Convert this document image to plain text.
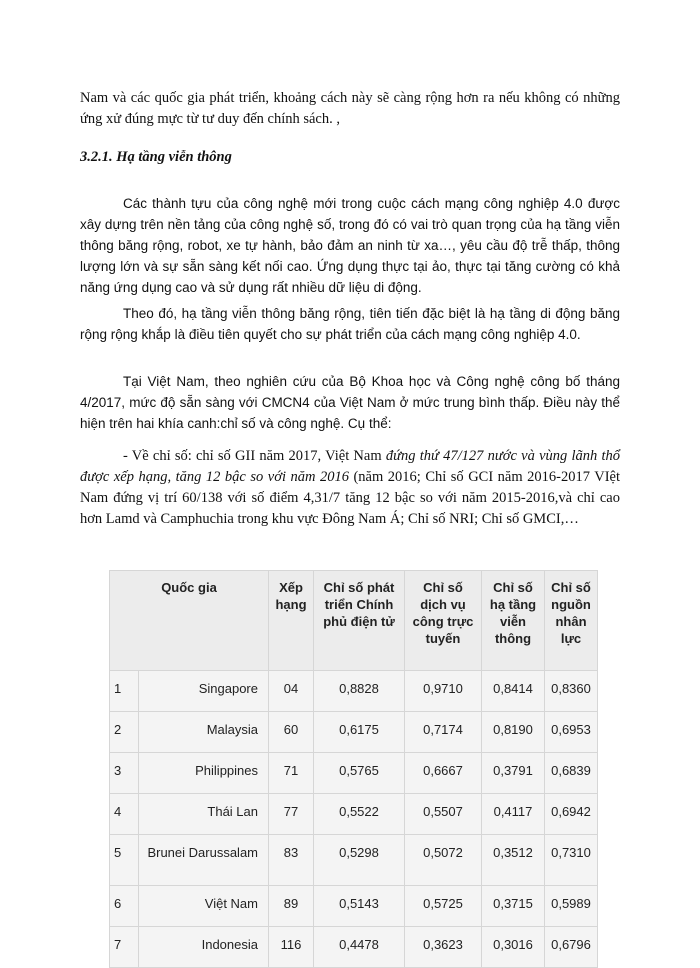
Nam và các quốc gia phát triển, khoảng cách này sẽ càng rộng hơn ra nếu không có những ứng xử đúng mực từ tư duy đến chính sách. ,

3.2.1. Hạ tầng viễn thông

Các thành tựu của công nghệ mới trong cuộc cách mạng công nghiệp 4.0 được xây dựng trên nền tảng của công nghệ số, trong đó có vai trò quan trọng của hạ tầng viễn thông băng rộng, robot, xe tự hành, bảo đảm an ninh từ xa…, yêu cầu độ trễ thấp, thông lượng lớn và sự sẵn sàng kết nối cao. Ứng dụng thực tại ảo, thực tại tăng cường có khả năng ứng dụng cao và sử dụng rất nhiều dữ liệu di động.

Theo đó, hạ tầng viễn thông băng rộng, tiên tiến đặc biệt là hạ tầng di động băng rộng rộng khắp là điều tiên quyết cho sự phát triển của cách mạng công nghiệp 4.0.

Tại Việt Nam, theo nghiên cứu của Bộ Khoa học và Công nghệ công bố tháng 4/2017, mức độ sẵn sàng với CMCN4 của Việt Nam ở mức trung bình thấp. Điều này thể hiện trên hai khía canh:chỉ số và công nghệ. Cụ thể:

- Về chỉ số: chỉ số GII năm 2017, Việt Nam đứng thứ 47/127 nước và vùng lãnh thổ được xếp hạng, tăng 12 bậc so với năm 2016 (năm 2016; Chỉ số GCI năm 2016-2017 VIệt Nam đứng vị trí 60/138 với số điểm 4,31/7 tăng 12 bậc so với năm 2015-2016,và chỉ cao hơn Lamd và Camphuchia trong khu vực Đông Nam Á; Chỉ số NRI; Chỉ số GMCI,…

Quốc gia		Xếp hạng	Chỉ số phát triển Chính phủ điện tử	Chỉ số dịch vụ công trực tuyến	Chỉ số hạ tầng viễn thông	Chỉ số nguồn nhân lực
1	Singapore	04	0,8828	0,9710	0,8414	0,8360
2	Malaysia	60	0,6175	0,7174	0,8190	0,6953
3	Philippines	71	0,5765	0,6667	0,3791	0,6839
4	Thái Lan	77	0,5522	0,5507	0,4117	0,6942
5	Brunei Darussalam	83	0,5298	0,5072	0,3512	0,7310
6	Việt Nam	89	0,5143	0,5725	0,3715	0,5989
7	Indonesia	116	0,4478	0,3623	0,3016	0,6796
